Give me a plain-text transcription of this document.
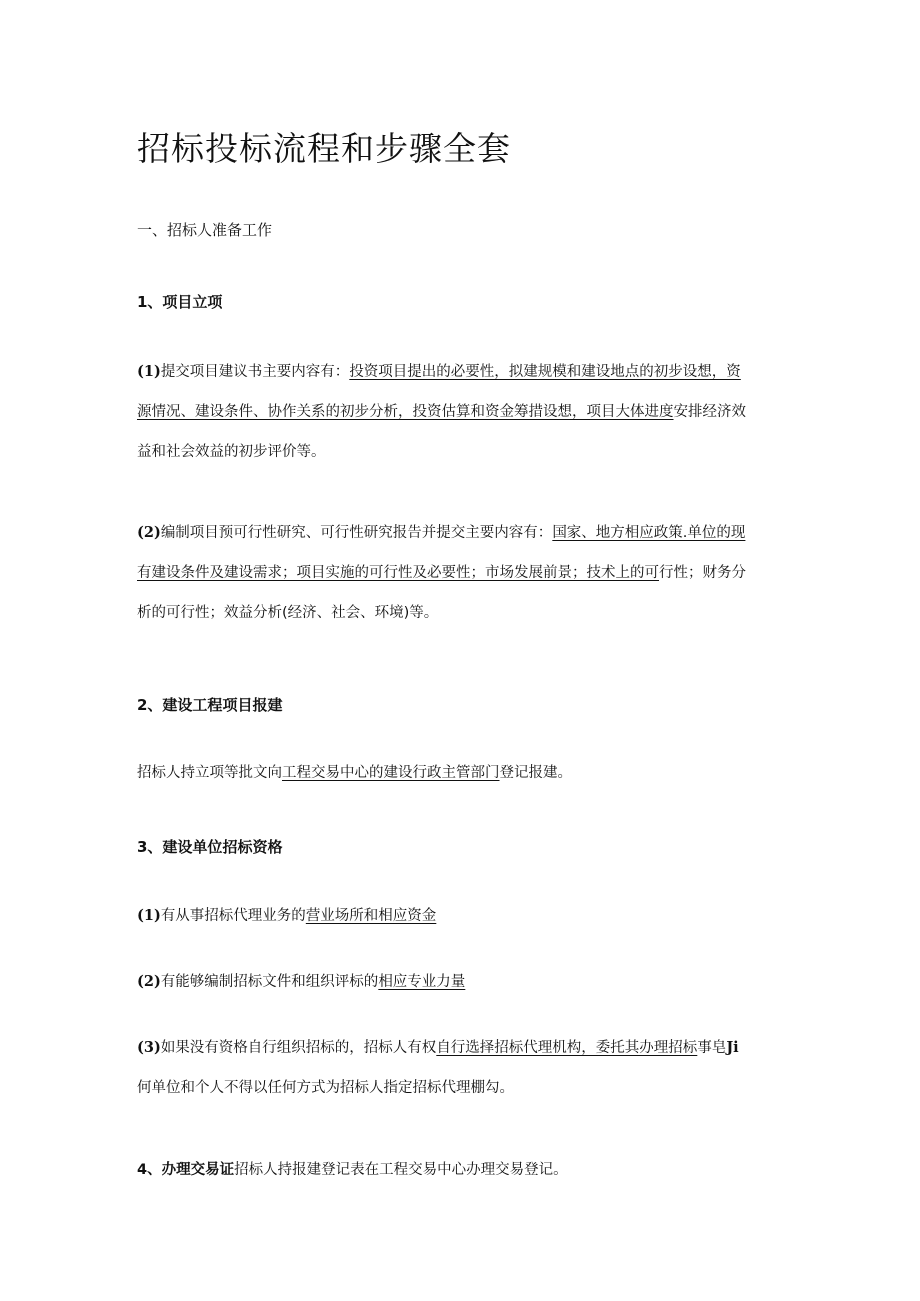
招标投标流程和步骤全套

一、招标人准备工作

1、项目立项

(1)提交项目建议书主要内容有：投资项目提出的必要性，拟建规模和建设地点的初步设想，资
源情况、建设条件、协作关系的初步分析，投资估算和资金筹措设想，项目大体进度安排经济效
益和社会效益的初步评价等。
(2)编制项目预可行性研究、可行性研究报告并提交主要内容有：国家、地方相应政策.单位的现
有建设条件及建设需求；项目实施的可行性及必要性；市场发展前景；技术上的可行性；财务分
析的可行性；效益分析(经济、社会、环境)等。

2、建设工程项目报建

招标人持立项等批文向工程交易中心的建设行政主管部门登记报建。

3、建设单位招标资格

(1)有从事招标代理业务的营业场所和相应资金
(2)有能够编制招标文件和组织评标的相应专业力量
(3)如果没有资格自行组织招标的，招标人有权自行选择招标代理机构，委托其办理招标事皂Ji
何单位和个人不得以任何方式为招标人指定招标代理棚勾。
4、办理交易证招标人持报建登记表在工程交易中心办理交易登记。
